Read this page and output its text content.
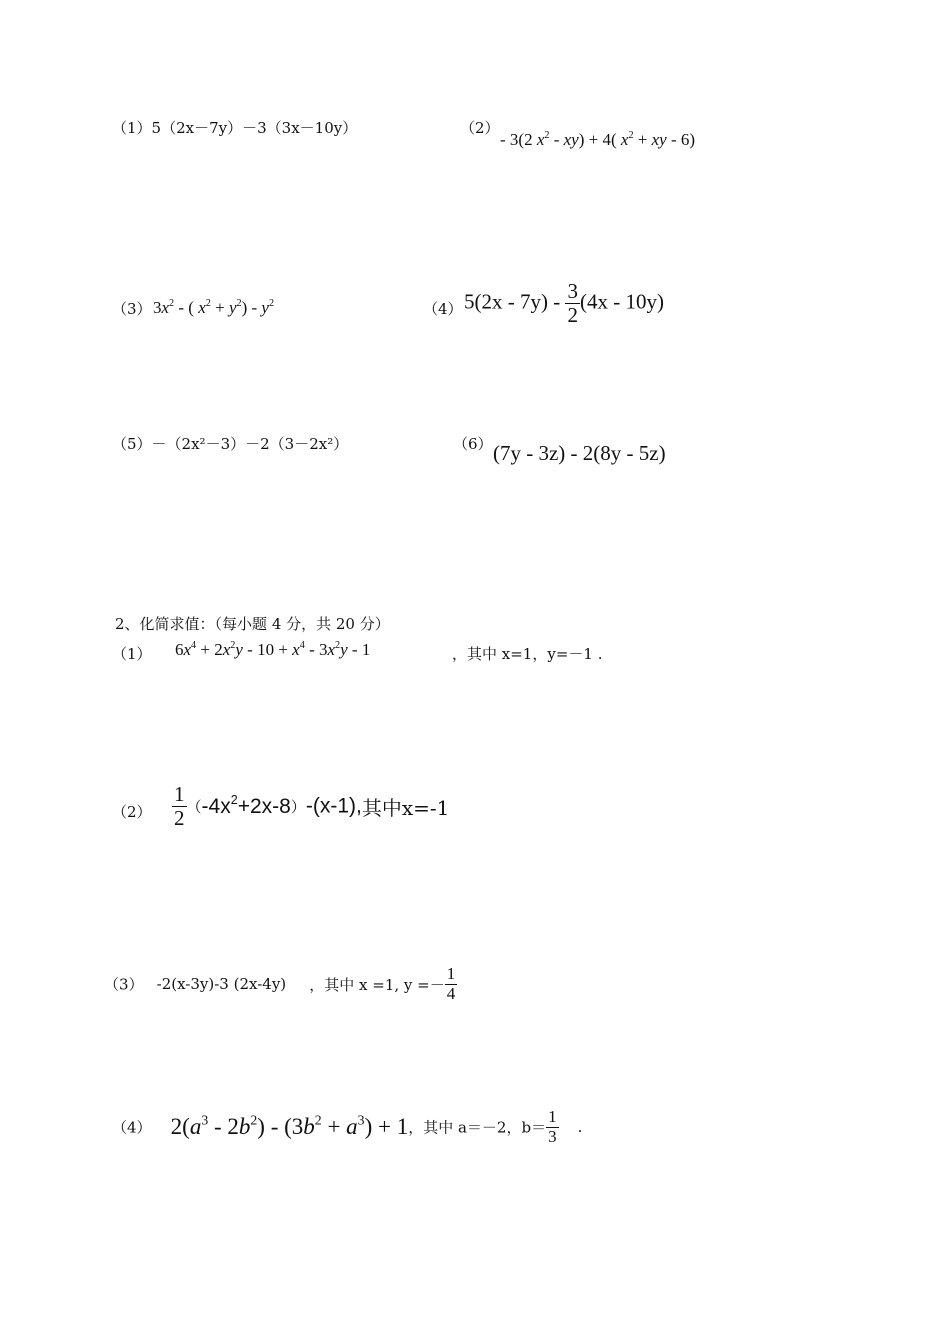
（1）5（2x－7y）－3（3x－10y）	（2）
- 3(2 $x^2 - xy) + 4$( $x^2$ + xy - 6)
（3） $3x^2$ - ( $x^2 + y^2) - y^2$	（4） $5(2x - 7y) - \frac{3}{2} (4x - 10y)$
（5）－（2x²－3）－2（3－2x²）	（6） (7y - 3z) - 2(8y - 5z)
2、化简求值：（每小题 4 分，共 20 分）
（1） $6x^4 + 2x^2y - 10 + x^4 - 3x^2y - 1$	，其中 x=1，y=－1 .
$(2) \frac{1}{2} (-4x^2+2x-8)-(x-1)$,其中x=-1
（3） -2(x-3y)-3 (2x-4y) ，其中 x =1, $y =- \frac{1}{4}$
（4） $2(a^3 - 2b^2) - (3b^2 + a^3) + 1$，其中 a＝－2，$b= \frac{1}{3}$ .
